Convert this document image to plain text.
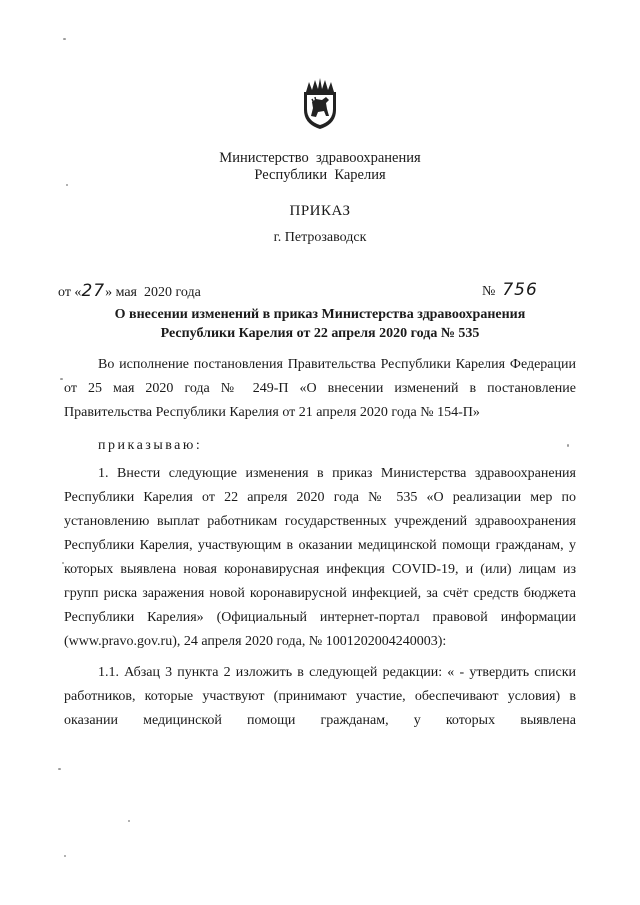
Министерство  здравоохранения
Республики  Карелия
ПРИКАЗ
г. Петрозаводск
от «27» мая  2020 года	№ 756
О внесении изменений в приказ Министерства здравоохранения
Республики Карелия от 22 апреля 2020 года № 535

Во исполнение постановления Правительства Республики Карелия Федерации от 25 мая 2020 года № 249-П «О внесении изменений в постановление Правительства Республики Карелия от 21 апреля 2020 года № 154-П»

приказываю:

1. Внести следующие изменения в приказ Министерства здравоохранения Республики Карелия от 22 апреля 2020 года № 535 «О реализации мер по установлению выплат работникам государственных учреждений здравоохранения Республики Карелия, участвующим в оказании медицинской помощи гражданам, у которых выявлена новая коронавирусная инфекция COVID-19, и (или) лицам из групп риска заражения новой коронавирусной инфекцией, за счёт средств бюджета Республики Карелия» (Официальный интернет-портал правовой информации (www.pravo.gov.ru), 24 апреля 2020 года, № 1001202004240003):

1.1. Абзац 3 пункта 2 изложить в следующей редакции: « - утвердить списки работников, которые участвуют (принимают участие, обеспечивают условия) в оказании медицинской помощи гражданам, у которых выявлена
